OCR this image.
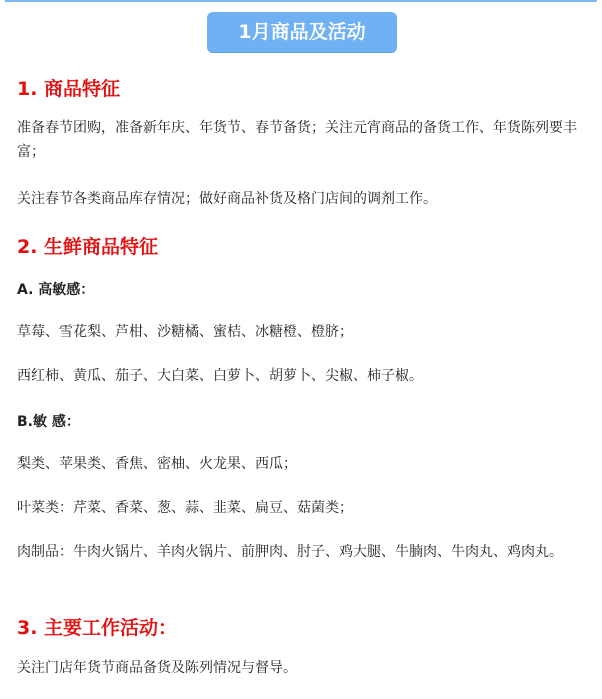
1月商品及活动
1. 商品特征
准备春节团购，准备新年庆、年货节、春节备货；关注元宵商品的备货工作、年货陈列要丰富；
关注春节各类商品库存情况；做好商品补货及格门店间的调剂工作。
2. 生鲜商品特征
A. 高敏感：
草莓、雪花梨、芦柑、沙糖橘、蜜桔、冰糖橙、橙脐；
西红柿、黄瓜、茄子、大白菜、白萝卜、胡萝卜、尖椒、柿子椒。
B.敏 感：
梨类、苹果类、香焦、密柚、火龙果、西瓜；
叶菜类：芹菜、香菜、葱、蒜、韭菜、扁豆、菇菌类；
肉制品：牛肉火锅片、羊肉火锅片、前胛肉、肘子、鸡大腿、牛腩肉、牛肉丸、鸡肉丸。
3. 主要工作活动：
关注门店年货节商品备货及陈列情况与督导。
